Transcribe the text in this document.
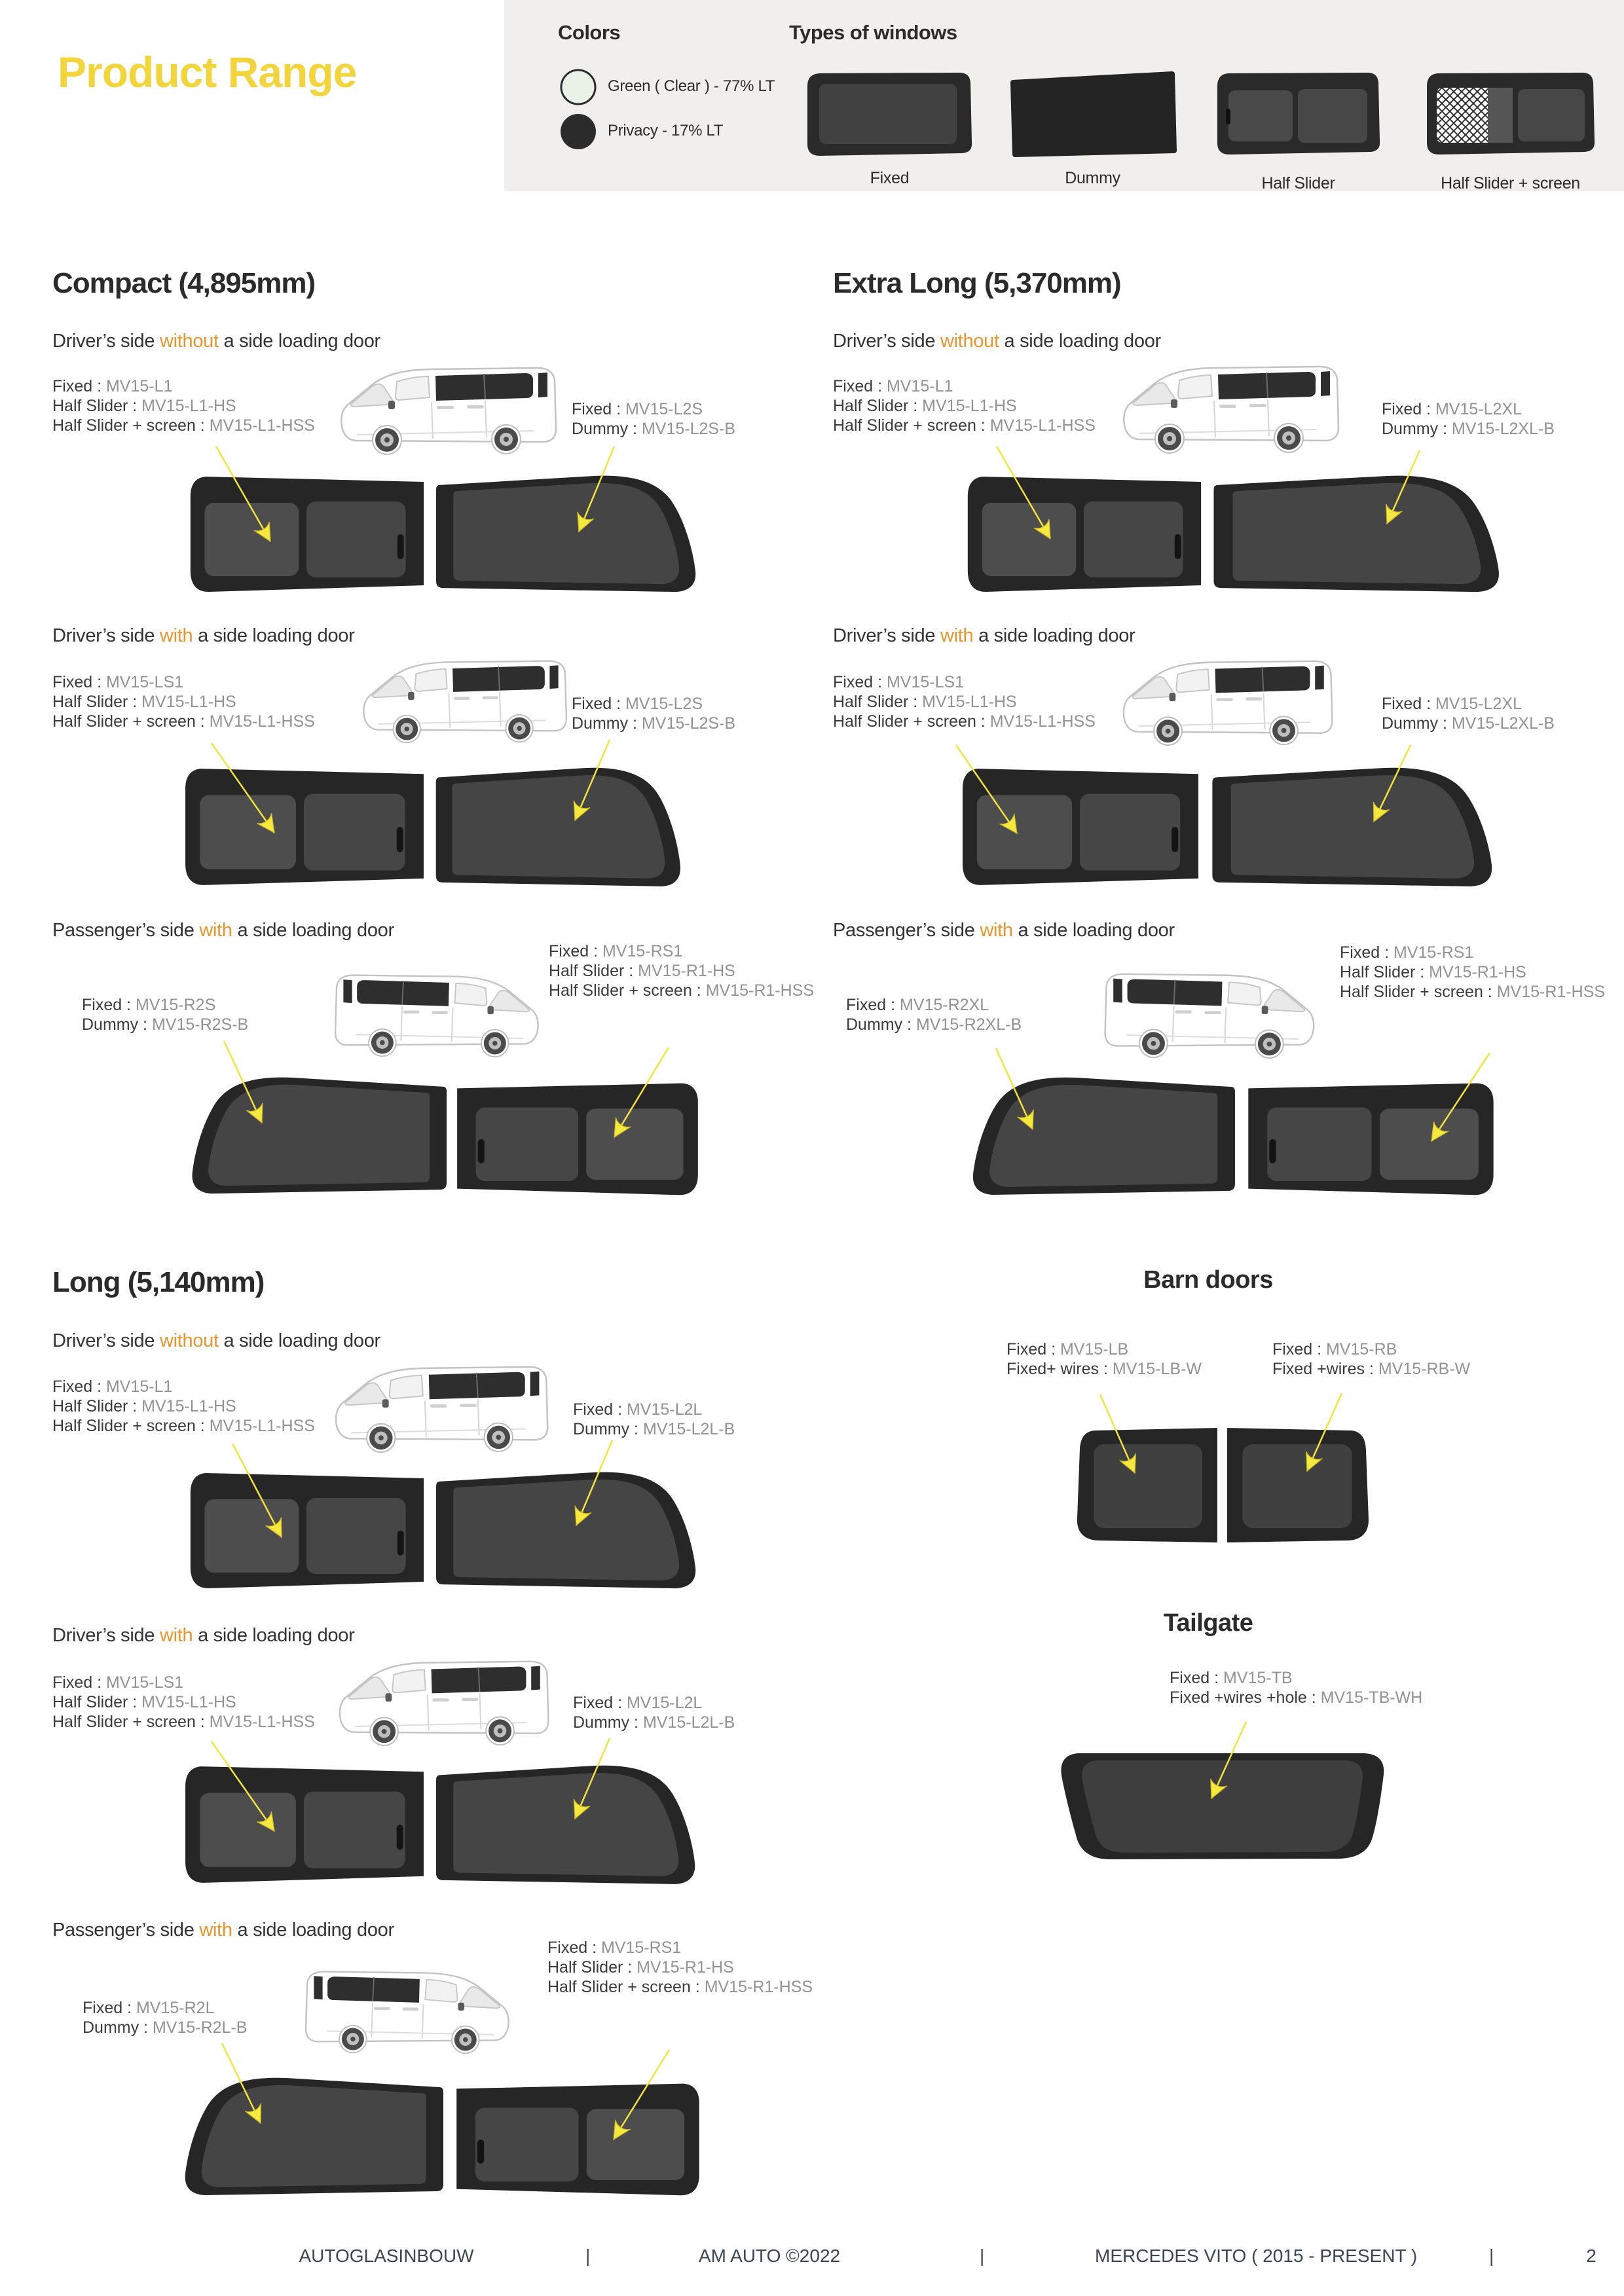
Product Range
Colors
Green ( Clear ) - 77% LT
Privacy - 17% LT
Types of windows
Fixed	Dummy	Half Slider	Half Slider + screen
Compact (4,895mm)	Extra Long (5,370mm)
Long (5,140mm)	Barn doors
Tailgate
Driver’s side without a side loading door
Fixed : MV15-L1
Half Slider : MV15-L1-HS
Half Slider + screen : MV15-L1-HSS
Fixed : MV15-L2S
Dummy : MV15-L2S-B
Driver’s side with a side loading door
Fixed : MV15-LS1
Half Slider : MV15-L1-HS
Half Slider + screen : MV15-L1-HSS
Fixed : MV15-L2S
Dummy : MV15-L2S-B
Passenger’s side with a side loading door
Fixed : MV15-R2S
Dummy : MV15-R2S-B
Fixed : MV15-RS1
Half Slider : MV15-R1-HS
Half Slider + screen : MV15-R1-HSS
Driver’s side without a side loading door
Fixed : MV15-L1
Half Slider : MV15-L1-HS
Half Slider + screen : MV15-L1-HSS
Fixed : MV15-L2XL
Dummy : MV15-L2XL-B
Driver’s side with a side loading door
Fixed : MV15-LS1
Half Slider : MV15-L1-HS
Half Slider + screen : MV15-L1-HSS
Fixed : MV15-L2XL
Dummy : MV15-L2XL-B
Passenger’s side with a side loading door
Fixed : MV15-R2XL
Dummy : MV15-R2XL-B
Fixed : MV15-RS1
Half Slider : MV15-R1-HS
Half Slider + screen : MV15-R1-HSS
Driver’s side without a side loading door
Fixed : MV15-L1
Half Slider : MV15-L1-HS
Half Slider + screen : MV15-L1-HSS
Fixed : MV15-L2L
Dummy : MV15-L2L-B
Driver’s side with a side loading door
Fixed : MV15-LS1
Half Slider : MV15-L1-HS
Half Slider + screen : MV15-L1-HSS
Fixed : MV15-L2L
Dummy : MV15-L2L-B
Passenger’s side with a side loading door
Fixed : MV15-R2L
Dummy : MV15-R2L-B
Fixed : MV15-RS1
Half Slider : MV15-R1-HS
Half Slider + screen : MV15-R1-HSS
Fixed : MV15-LB
Fixed+ wires : MV15-LB-W
Fixed : MV15-RB
Fixed +wires : MV15-RB-W
Fixed : MV15-TB
Fixed +wires +hole : MV15-TB-WH
AUTOGLASINBOUW	|	AM AUTO ©2022	|	MERCEDES VITO ( 2015 - PRESENT )	|	2
